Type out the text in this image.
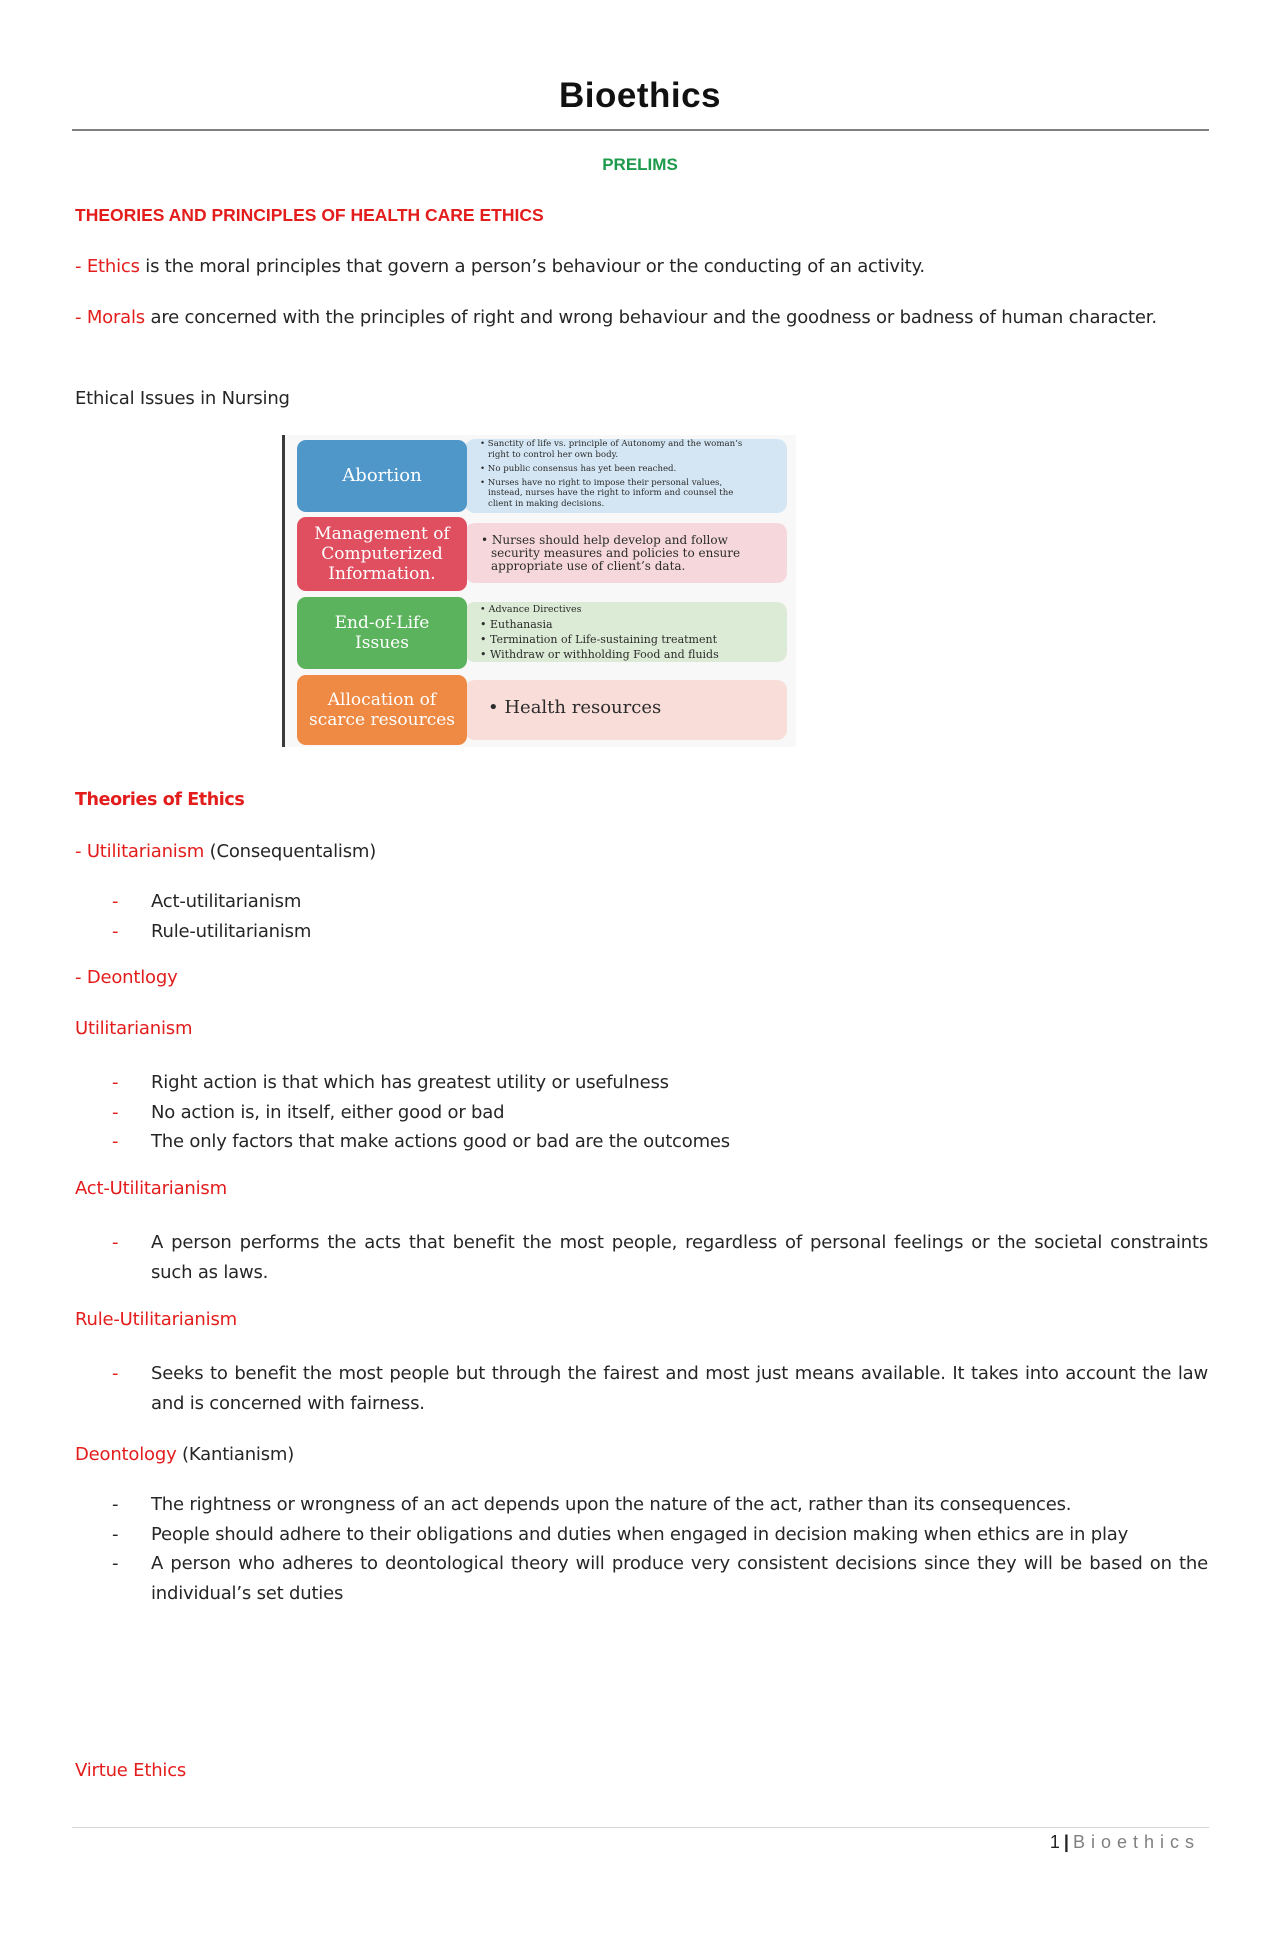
Bioethics
PRELIMS
THEORIES AND PRINCIPLES OF HEALTH CARE ETHICS
- Ethics is the moral principles that govern a person’s behaviour or the conducting of an activity.
- Morals are concerned with the principles of right and wrong behaviour and the goodness or badness of human character.
Ethical Issues in Nursing
Abortion
• Sanctity of life vs. principle of Autonomy and the woman’s
right to control her own body.
• No public consensus has yet been reached.
• Nurses have no right to impose their personal values,
instead, nurses have the right to inform and counsel the
client in making decisions.
Management of
Computerized
Information.
• Nurses should help develop and follow
security measures and policies to ensure
appropriate use of client’s data.
End-of-Life
Issues
• Advance Directives
• Euthanasia
• Termination of Life-sustaining treatment
• Withdraw or withholding Food and fluids
Allocation of
scarce resources
• Health resources
Theories of Ethics
- Utilitarianism (Consequentalism)
- Act-utilitarianism
- Rule-utilitarianism
- Deontlogy
Utilitarianism
- Right action is that which has greatest utility or usefulness
- No action is, in itself, either good or bad
- The only factors that make actions good or bad are the outcomes
Act-Utilitarianism
- A person performs the acts that benefit the most people, regardless of personal feelings or the societal constraints such as laws.
Rule-Utilitarianism
- Seeks to benefit the most people but through the fairest and most just means available. It takes into account the law and is concerned with fairness.
Deontology (Kantianism)
- The rightness or wrongness of an act depends upon the nature of the act, rather than its consequences.
- People should adhere to their obligations and duties when engaged in decision making when ethics are in play
- A person who adheres to deontological theory will produce very consistent decisions since they will be based on the individual’s set duties
Virtue Ethics
1 | Bioethics
